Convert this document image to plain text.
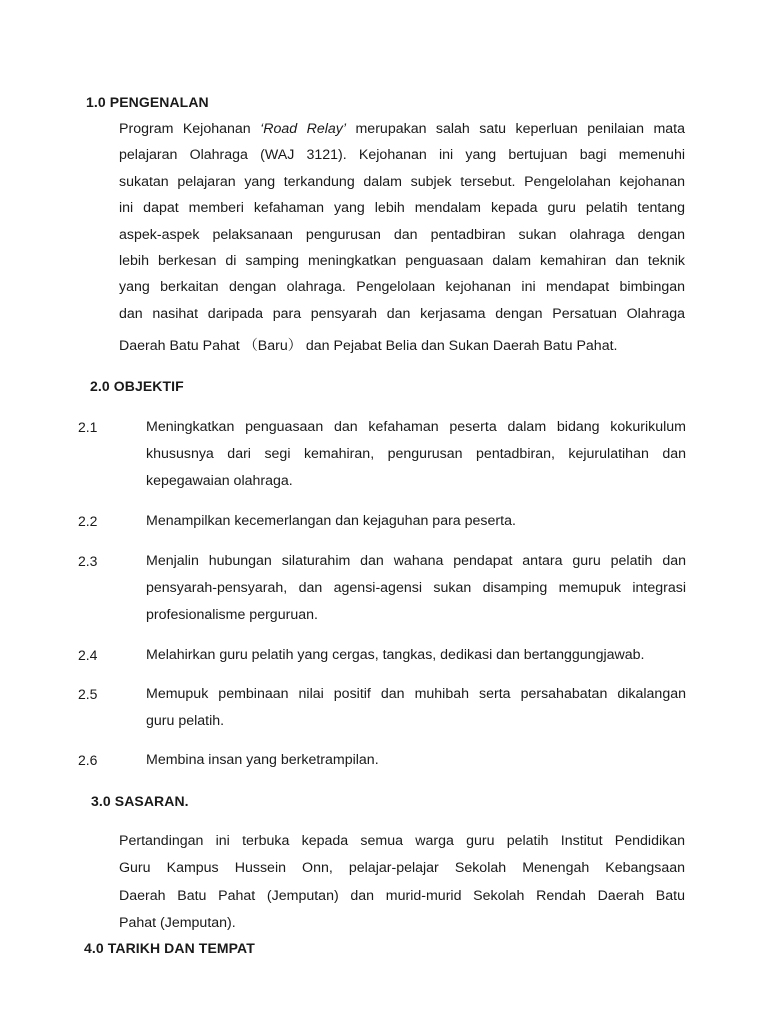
1.0 PENGENALAN
Program Kejohanan ‘Road Relay’ merupakan salah satu keperluan penilaian mata
pelajaran Olahraga (WAJ 3121). Kejohanan ini yang bertujuan bagi memenuhi
sukatan pelajaran yang terkandung dalam subjek tersebut. Pengelolahan kejohanan
ini dapat memberi kefahaman yang lebih mendalam kepada guru pelatih tentang
aspek-aspek pelaksanaan pengurusan dan pentadbiran sukan olahraga dengan
lebih berkesan di samping meningkatkan penguasaan dalam kemahiran dan teknik
yang berkaitan dengan olahraga. Pengelolaan kejohanan ini mendapat bimbingan
dan nasihat daripada para pensyarah dan kerjasama dengan Persatuan Olahraga
Daerah Batu Pahat （Baru） dan Pejabat Belia dan Sukan Daerah Batu Pahat.
2.0 OBJEKTIF
2.1	Meningkatkan penguasaan dan kefahaman peserta dalam bidang kokurikulum
khususnya dari segi kemahiran, pengurusan pentadbiran, kejurulatihan dan
kepegawaian olahraga.
2.2	Menampilkan kecemerlangan dan kejaguhan para peserta.
2.3	Menjalin hubungan silaturahim dan wahana pendapat antara guru pelatih dan
pensyarah-pensyarah, dan agensi-agensi sukan disamping memupuk integrasi
profesionalisme perguruan.
2.4	Melahirkan guru pelatih yang cergas, tangkas, dedikasi dan bertanggungjawab.
2.5	Memupuk pembinaan nilai positif dan muhibah serta persahabatan dikalangan
guru pelatih.
2.6	Membina insan yang berketrampilan.
3.0 SASARAN.
Pertandingan ini terbuka kepada semua warga guru pelatih Institut Pendidikan
Guru Kampus Hussein Onn, pelajar-pelajar Sekolah Menengah Kebangsaan
Daerah Batu Pahat (Jemputan) dan murid-murid Sekolah Rendah Daerah Batu
Pahat (Jemputan).
4.0 TARIKH DAN TEMPAT
